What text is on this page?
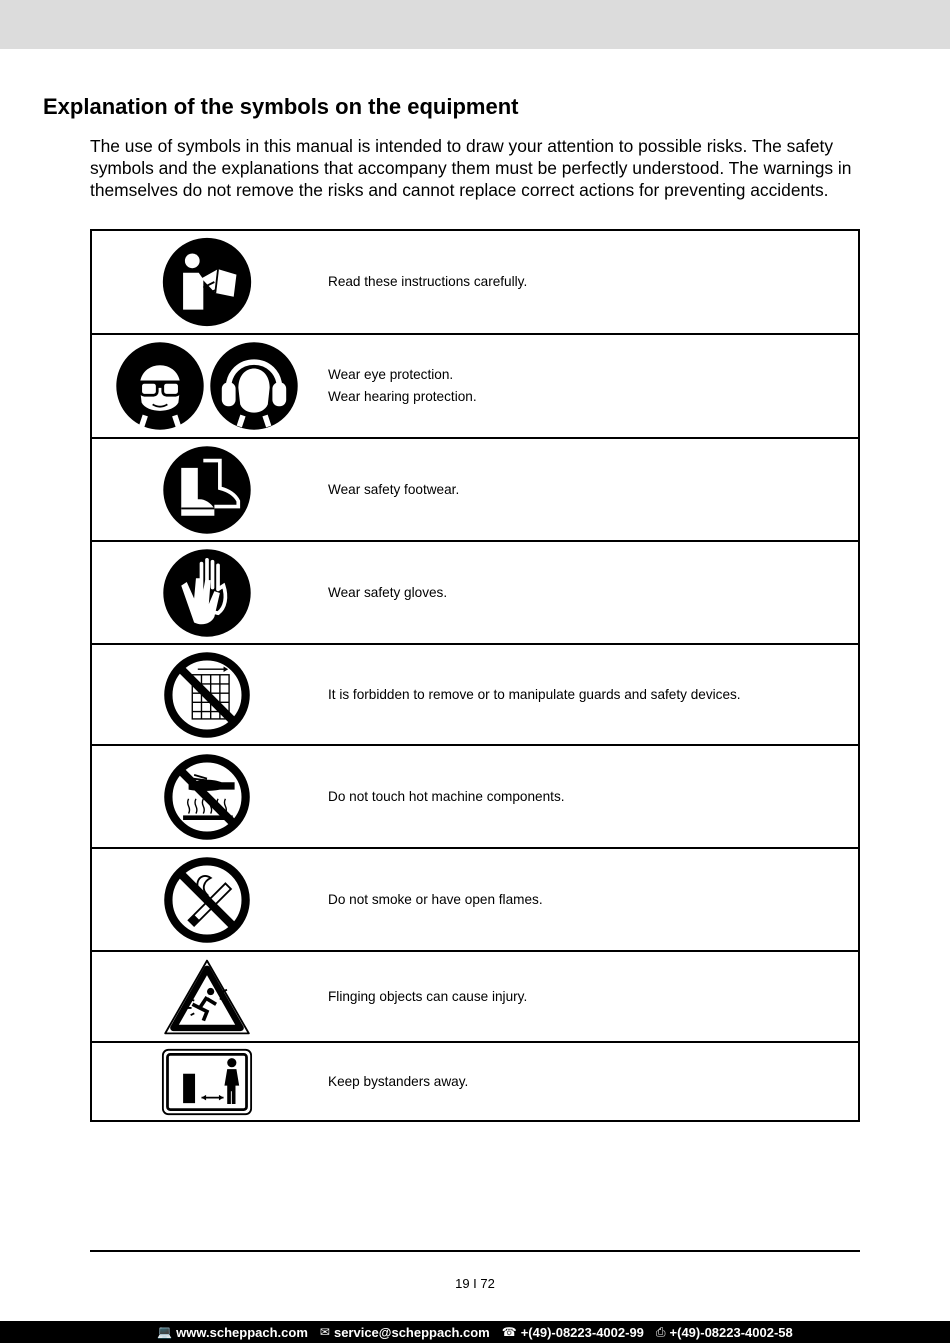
Explanation of the symbols on the equipment
The use of symbols in this manual is intended to draw your attention to possible risks. The safety
symbols and the explanations that accompany them must be perfectly understood. The warnings in
themselves do not remove the risks and cannot replace correct actions for preventing accidents.

Read these instructions carefully.

Wear eye protection.
Wear hearing protection.

Wear safety footwear.

Wear safety gloves.

It is forbidden to remove or to manipulate guards and safety devices.

Do not touch hot machine components.

Do not smoke or have open flames.

Flinging objects can cause injury.

Keep bystanders away.
19 I 72
💻 www.scheppach.com ✉ service@scheppach.com ☎ +(49)-08223-4002-99 ⎙ +(49)-08223-4002-58
